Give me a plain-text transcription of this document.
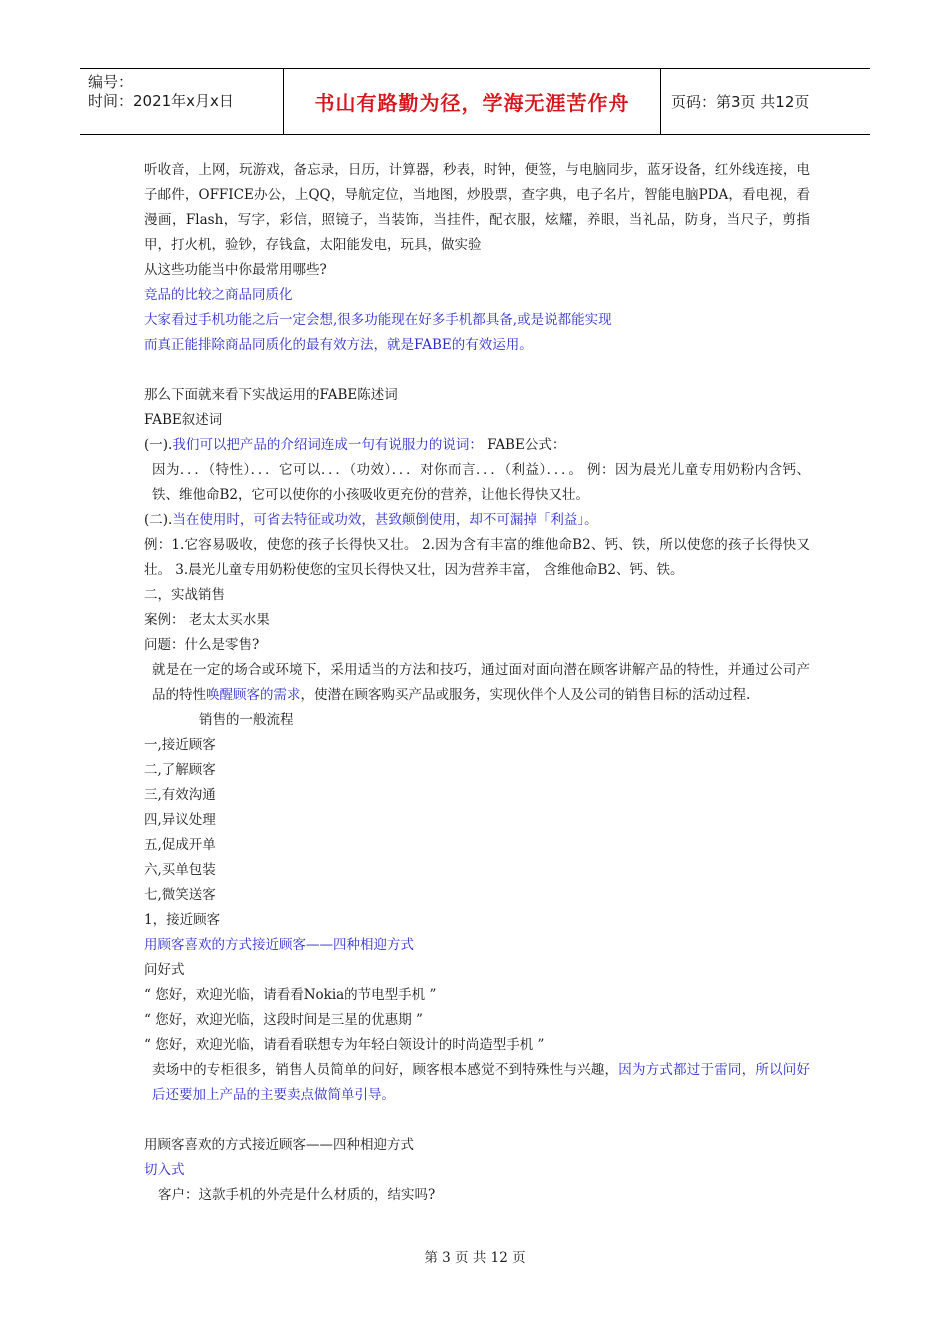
编号：
时间：2021年x月x日	书山有路勤为径，学海无涯苦作舟	页码：第3页 共12页

听收音，上网，玩游戏，备忘录，日历，计算器，秒表，时钟，便签，与电脑同步，蓝牙设备，红外线连接，电子邮件，OFFICE办公，上QQ，导航定位，当地图，炒股票，查字典，电子名片，智能电脑PDA，看电视，看漫画，Flash，写字，彩信，照镜子，当装饰，当挂件，配衣服，炫耀，养眼，当礼品，防身，当尺子，剪指甲，打火机，验钞，存钱盒，太阳能发电，玩具，做实验

从这些功能当中你最常用哪些?

竞品的比较之商品同质化

大家看过手机功能之后一定会想,很多功能现在好多手机都具备,或是说都能实现

而真正能排除商品同质化的最有效方法，就是FABE的有效运用。

那么下面就来看下实战运用的FABE陈述词

FABE叙述词

(一).我们可以把产品的介绍词连成一句有说服力的说词： FABE公式：

因为．．．（特性）．．．它可以．．．（功效）．．．对你而言．．．（利益）．．．。 例：因为晨光儿童专用奶粉内含钙、铁、维他命B2，它可以使你的小孩吸收更充份的营养，让他长得快又壮。

(二).当在使用时，可省去特征或功效，甚致颠倒使用，却不可漏掉「利益」。

例：1.它容易吸收，使您的孩子长得快又壮。 2.因为含有丰富的维他命B2、钙、铁，所以使您的孩子长得快又壮。 3.晨光儿童专用奶粉使您的宝贝长得快又壮，因为营养丰富， 含维他命B2、钙、铁。

二，实战销售

案例： 老太太买水果

问题：什么是零售?

就是在一定的场合或环境下，采用适当的方法和技巧，通过面对面向潜在顾客讲解产品的特性，并通过公司产品的特性唤醒顾客的需求，使潜在顾客购买产品或服务，实现伙伴个人及公司的销售目标的活动过程.

销售的一般流程

一,接近顾客

二,了解顾客

三,有效沟通

四,异议处理

五,促成开单

六,买单包装

七,微笑送客

1，接近顾客

用顾客喜欢的方式接近顾客——四种相迎方式

问好式

“ 您好，欢迎光临，请看看Nokia的节电型手机 ”

“ 您好，欢迎光临，这段时间是三星的优惠期 ”

“ 您好，欢迎光临，请看看联想专为年轻白领设计的时尚造型手机 ”

卖场中的专柜很多，销售人员简单的问好，顾客根本感觉不到特殊性与兴趣，因为方式都过于雷同，所以问好后还要加上产品的主要卖点做简单引导。

用顾客喜欢的方式接近顾客——四种相迎方式

切入式

客户：这款手机的外壳是什么材质的，结实吗?

第 3 页 共 12 页
